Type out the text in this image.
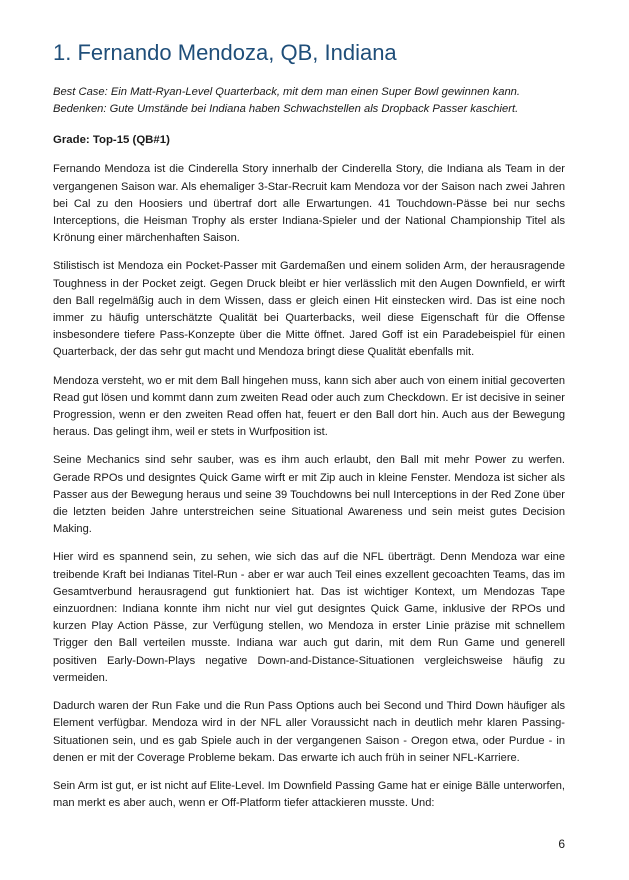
1. Fernando Mendoza, QB, Indiana
Best Case: Ein Matt-Ryan-Level Quarterback, mit dem man einen Super Bowl gewinnen kann.
Bedenken: Gute Umstände bei Indiana haben Schwachstellen als Dropback Passer kaschiert.
Grade: Top-15 (QB#1)

Fernando Mendoza ist die Cinderella Story innerhalb der Cinderella Story, die Indiana als Team in der vergangenen Saison war. Als ehemaliger 3-Star-Recruit kam Mendoza vor der Saison nach zwei Jahren bei Cal zu den Hoosiers und übertraf dort alle Erwartungen. 41 Touchdown-Pässe bei nur sechs Interceptions, die Heisman Trophy als erster Indiana-Spieler und der National Championship Titel als Krönung einer märchenhaften Saison.

Stilistisch ist Mendoza ein Pocket-Passer mit Gardemaßen und einem soliden Arm, der herausragende Toughness in der Pocket zeigt. Gegen Druck bleibt er hier verlässlich mit den Augen Downfield, er wirft den Ball regelmäßig auch in dem Wissen, dass er gleich einen Hit einstecken wird. Das ist eine noch immer zu häufig unterschätzte Qualität bei Quarterbacks, weil diese Eigenschaft für die Offense insbesondere tiefere Pass-Konzepte über die Mitte öffnet. Jared Goff ist ein Paradebeispiel für einen Quarterback, der das sehr gut macht und Mendoza bringt diese Qualität ebenfalls mit.

Mendoza versteht, wo er mit dem Ball hingehen muss, kann sich aber auch von einem initial gecoverten Read gut lösen und kommt dann zum zweiten Read oder auch zum Checkdown. Er ist decisive in seiner Progression, wenn er den zweiten Read offen hat, feuert er den Ball dort hin. Auch aus der Bewegung heraus. Das gelingt ihm, weil er stets in Wurfposition ist.

Seine Mechanics sind sehr sauber, was es ihm auch erlaubt, den Ball mit mehr Power zu werfen. Gerade RPOs und designtes Quick Game wirft er mit Zip auch in kleine Fenster. Mendoza ist sicher als Passer aus der Bewegung heraus und seine 39 Touchdowns bei null Interceptions in der Red Zone über die letzten beiden Jahre unterstreichen seine Situational Awareness und sein meist gutes Decision Making.

Hier wird es spannend sein, zu sehen, wie sich das auf die NFL überträgt. Denn Mendoza war eine treibende Kraft bei Indianas Titel-Run - aber er war auch Teil eines exzellent gecoachten Teams, das im Gesamtverbund herausragend gut funktioniert hat. Das ist wichtiger Kontext, um Mendozas Tape einzuordnen: Indiana konnte ihm nicht nur viel gut designtes Quick Game, inklusive der RPOs und kurzen Play Action Pässe, zur Verfügung stellen, wo Mendoza in erster Linie präzise mit schnellem Trigger den Ball verteilen musste. Indiana war auch gut darin, mit dem Run Game und generell positiven Early-Down-Plays negative Down-and-Distance-Situationen vergleichsweise häufig zu vermeiden.

Dadurch waren der Run Fake und die Run Pass Options auch bei Second und Third Down häufiger als Element verfügbar. Mendoza wird in der NFL aller Voraussicht nach in deutlich mehr klaren Passing-Situationen sein, und es gab Spiele auch in der vergangenen Saison - Oregon etwa, oder Purdue - in denen er mit der Coverage Probleme bekam. Das erwarte ich auch früh in seiner NFL-Karriere.

Sein Arm ist gut, er ist nicht auf Elite-Level. Im Downfield Passing Game hat er einige Bälle unterworfen, man merkt es aber auch, wenn er Off-Platform tiefer attackieren musste. Und:

6
